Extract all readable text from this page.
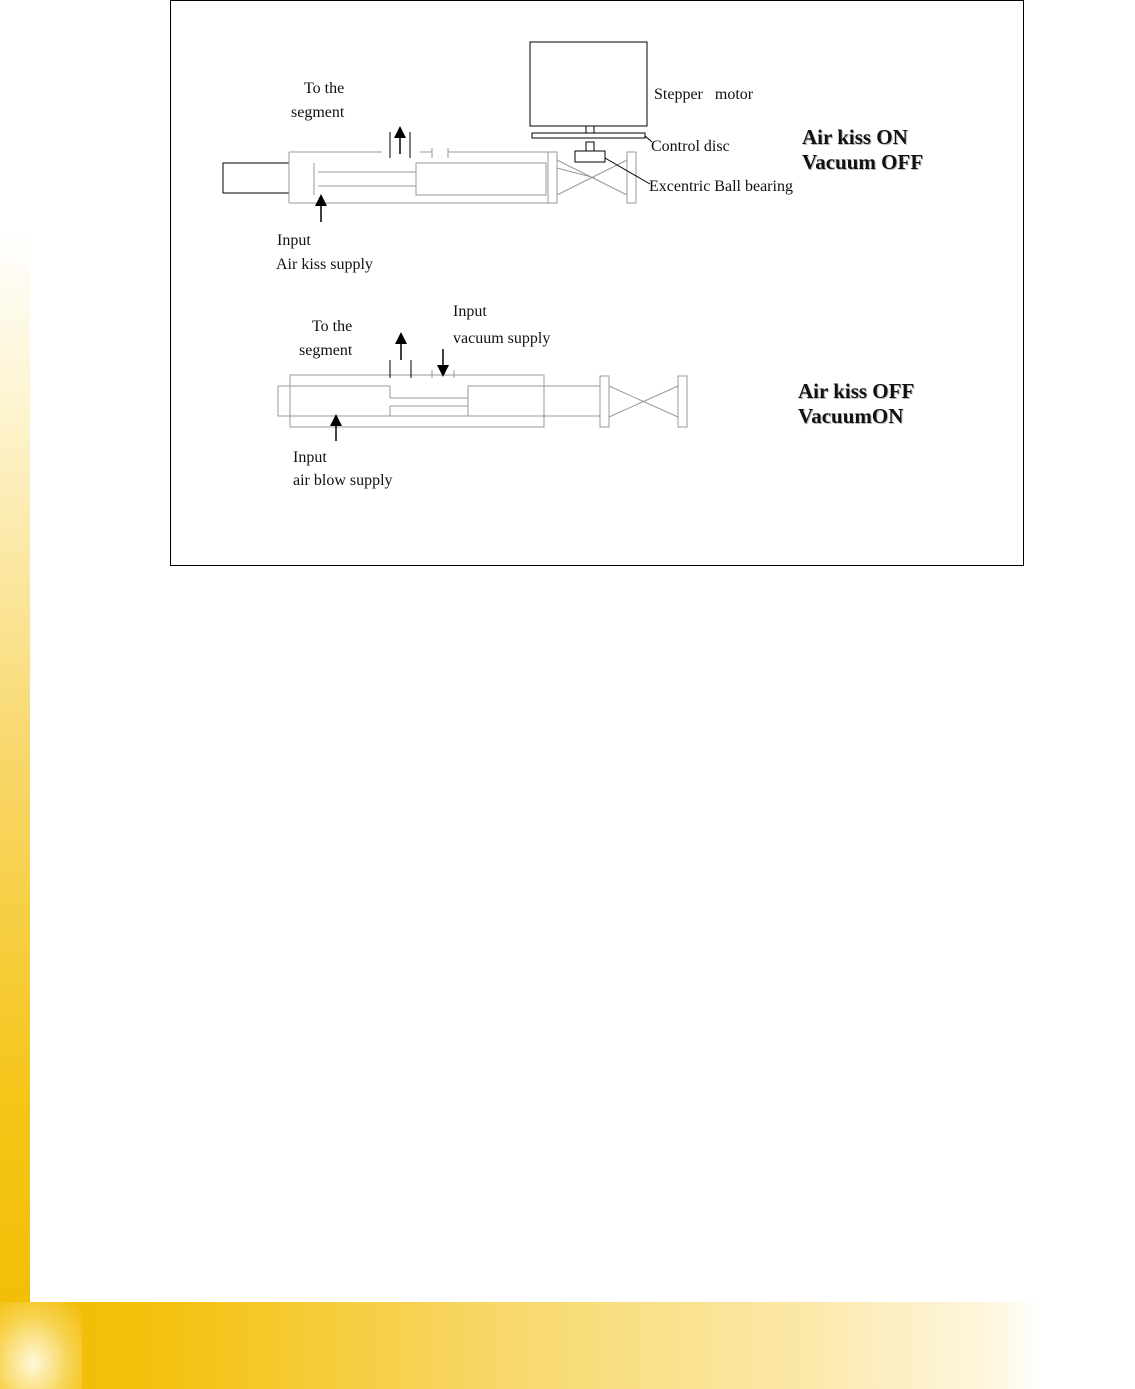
To the
segment
Stepper   motor
Control disc
Excentric Ball bearing
Input
Air kiss supply
Air kiss ON
Vacuum OFF
To the
segment
Input
vacuum supply
Input
air blow supply
Air kiss OFF
VacuumON
